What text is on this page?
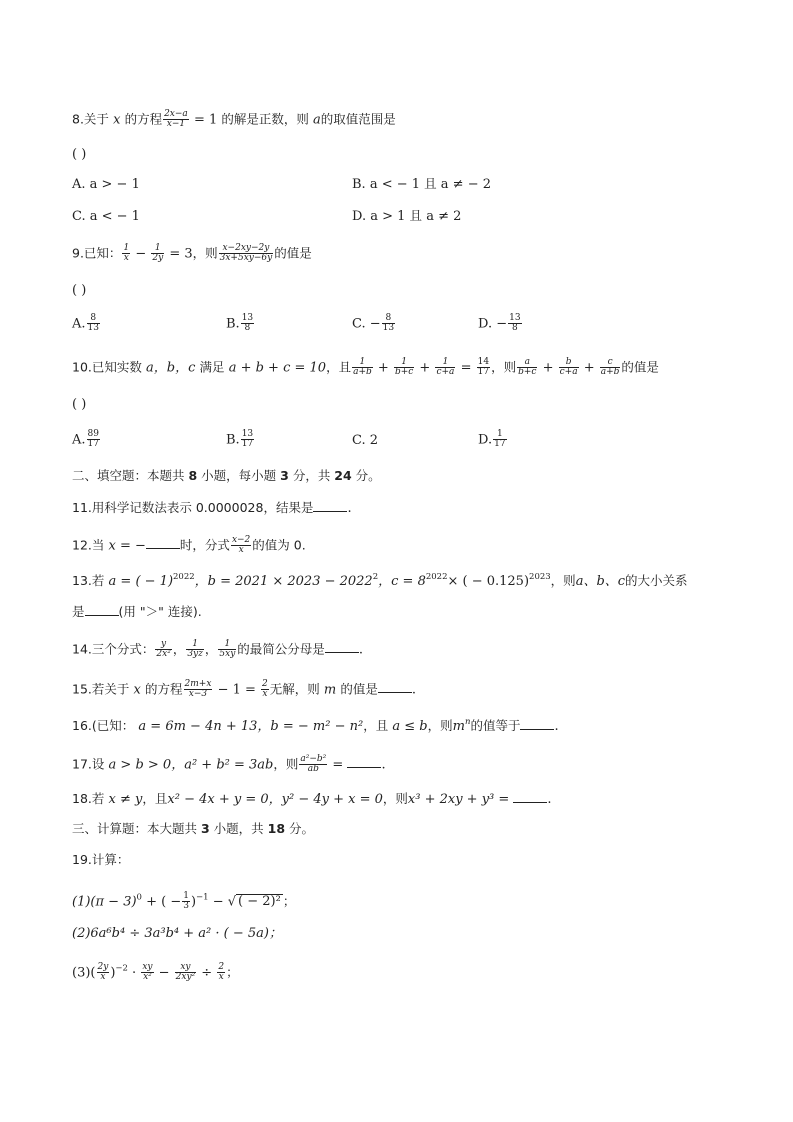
8.关于 x 的方程 $\frac{2x-a}{x-1} = 1$ 的解是正数，则 a的取值范围是
( )
A. a > − 1	B. a < − 1 且 a ≠ − 2
C. a < − 1	D. a > 1 且 a ≠ 2
9.已知： $\frac{1}{x} - \frac{1}{2y} = 3$，则 $\frac{x-2xy-2y}{3x+5xy-6y}$ 的值是
( )
A. $\frac{8}{13}$	B. $\frac{13}{8}$	C. − $\frac{8}{13}$	D. − $\frac{13}{8}$
10.已知实数 a，b，c 满足 a + b + c = 10，且 $\frac{1}{a+b} + \frac{1}{b+c} + \frac{1}{c+a} = \frac{14}{17}$ ，则 $\frac{a}{b+c} + \frac{b}{c+a} + \frac{c}{a+b}$ 的值是
( )
A. $\frac{89}{17}$	B. $\frac{13}{17}$	C. 2	D. $\frac{1}{17}$
二、填空题：本题共 8 小题，每小题 3 分，共 24 分。
11.用科学记数法表示 0.0000028，结果是	.
12.当 x = −	时，分式 $\frac{x-2}{x}$ 的值为 0.
13.若 a = ( − 1)$^{2022}$，$b = 2021 \times 2023 - 2022^2$，$c = 8^{2022}\times$ ( − 0.125)$^{2023}$，则a、b、c的大小关系
是	(用 "＞" 连接).
14.三个分式： $\frac{y}{\text{2x²}}$ ， $\frac{1}{3yz}$ ， $\frac{1}{5xy}$ 的最简公分母是	.
15.若关于 x 的方程 $\frac{2m+x}{x-3} - 1 = \frac{2}{x}$ 无解，则 m 的值是	.
16.(已知： a = 6m − 4n + 13，b = − m² − n²，且 a ≤ b，则$m^n$的值等于	.
17.设 a > b > 0，a² + b² = 3ab，则 $\frac{\text{a²−b²}}{ab}$ =	.
18.若 x ≠ y，且x² − 4x + y = 0，y² − 4y + x = 0，则x³ + 2xy + y³ =	.
三、计算题：本大题共 3 小题，共 18 分。
19.计算：
$(1)(\pi - 3)^0$ + ( − $\frac{1}{3} )^{-1}$ − √ ( − 2)² ；
(2)6a⁶b⁴ ÷ 3a³b⁴ + a² · ( − 5a)；
$(3)( \frac{2y}{x} )^{-2} \cdot \frac{xy}{\text{x²}} - \frac{xy}{\text{2xy²}} \div \frac{2}{x}$ ；
